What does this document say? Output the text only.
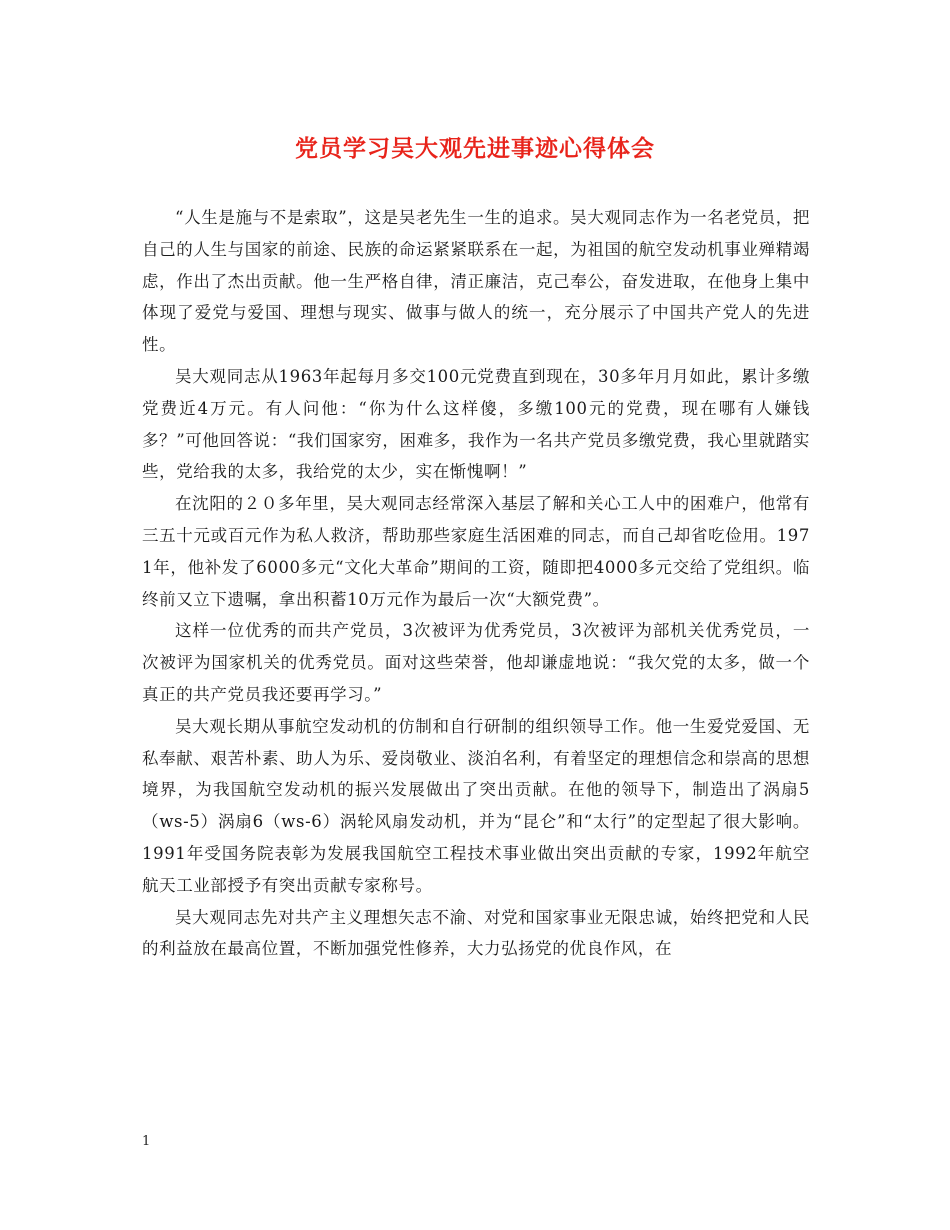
党员学习吴大观先进事迹心得体会

“人生是施与不是索取”，这是吴老先生一生的追求。吴大观同志作为一名老党员，把自己的人生与国家的前途、民族的命运紧紧联系在一起，为祖国的航空发动机事业殚精竭虑，作出了杰出贡献。他一生严格自律，清正廉洁，克己奉公，奋发进取，在他身上集中体现了爱党与爱国、理想与现实、做事与做人的统一，充分展示了中国共产党人的先进性。

吴大观同志从1963年起每月多交100元党费直到现在，30多年月月如此，累计多缴党费近4万元。有人问他：“你为什么这样傻，多缴100元的党费，现在哪有人嫌钱多？”可他回答说：“我们国家穷，困难多，我作为一名共产党员多缴党费，我心里就踏实些，党给我的太多，我给党的太少，实在惭愧啊！”

在沈阳的２０多年里，吴大观同志经常深入基层了解和关心工人中的困难户，他常有三五十元或百元作为私人救济，帮助那些家庭生活困难的同志，而自己却省吃俭用。1971年，他补发了6000多元“文化大革命”期间的工资，随即把4000多元交给了党组织。临终前又立下遗嘱，拿出积蓄10万元作为最后一次“大额党费”。

这样一位优秀的而共产党员，3次被评为优秀党员，3次被评为部机关优秀党员，一次被评为国家机关的优秀党员。面对这些荣誉，他却谦虚地说：“我欠党的太多，做一个真正的共产党员我还要再学习。”

吴大观长期从事航空发动机的仿制和自行研制的组织领导工作。他一生爱党爱国、无私奉献、艰苦朴素、助人为乐、爱岗敬业、淡泊名利，有着坚定的理想信念和崇高的思想境界，为我国航空发动机的振兴发展做出了突出贡献。在他的领导下，制造出了涡扇5（ws-5）涡扇6（ws-6）涡轮风扇发动机，并为“昆仑”和“太行”的定型起了很大影响。 1991年受国务院表彰为发展我国航空工程技术事业做出突出贡献的专家，1992年航空航天工业部授予有突出贡献专家称号。

吴大观同志先对共产主义理想矢志不渝、对党和国家事业无限忠诚，始终把党和人民的利益放在最高位置，不断加强党性修养，大力弘扬党的优良作风，在

1
